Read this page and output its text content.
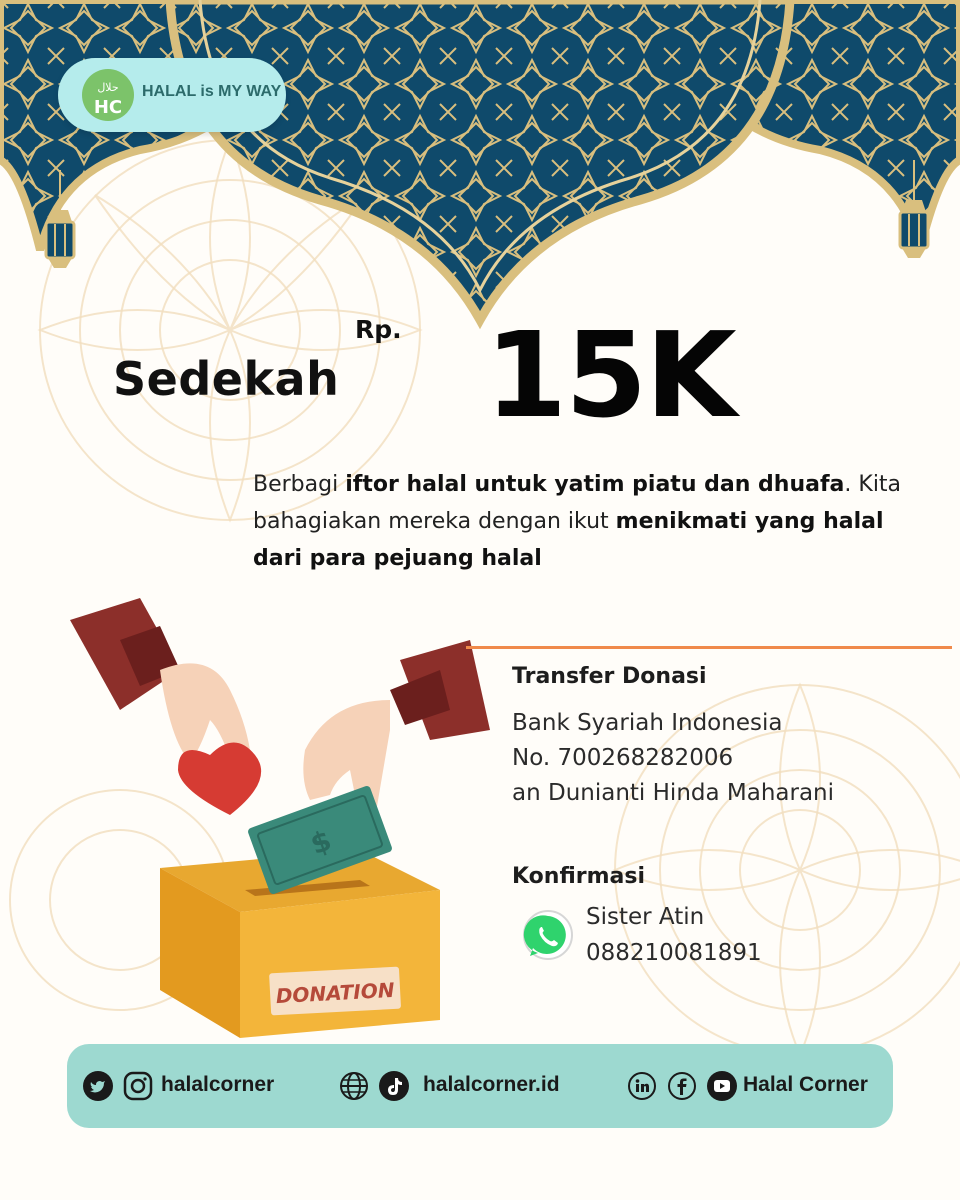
حلال
HC
HALAL is MY WAY
Sedekah
Rp. 15K
Berbagi iftor halal untuk yatim piatu dan dhuafa. Kita bahagiakan mereka dengan ikut menikmati yang halal dari para pejuang halal
DONATION
$
Transfer Donasi
Bank Syariah Indonesia
No. 700268282006
an Dunianti Hinda Maharani
Konfirmasi
Sister Atin
088210081891
halalcorner	halalcorner.id	Halal Corner
